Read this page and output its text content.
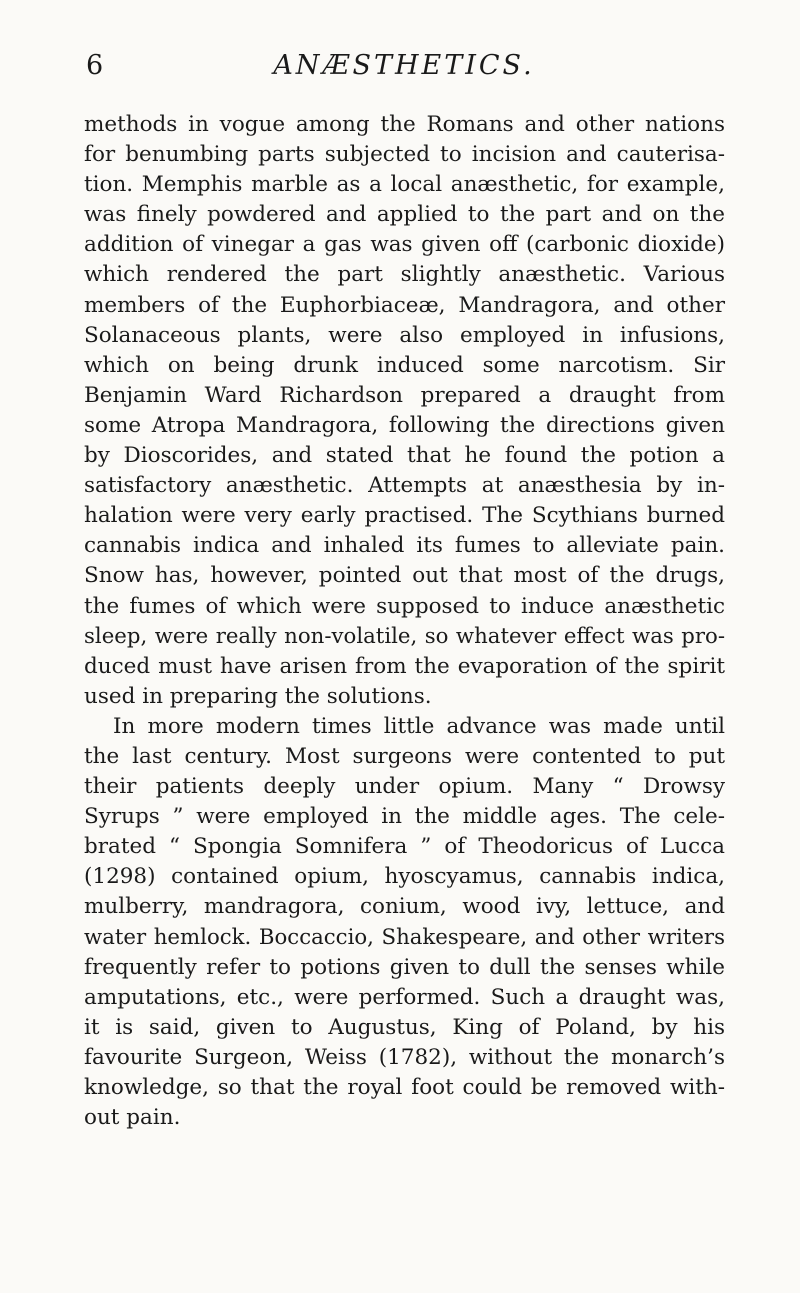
6	ANÆSTHETICS.
methods in vogue among the Romans and other nations
for benumbing parts subjected to incision and cauterisa-
tion. Memphis marble as a local anæsthetic, for example,
was finely powdered and applied to the part and on the
addition of vinegar a gas was given off (carbonic dioxide)
which rendered the part slightly anæsthetic. Various
members of the Euphorbiaceæ, Mandragora, and other
Solanaceous plants, were also employed in infusions,
which on being drunk induced some narcotism. Sir
Benjamin Ward Richardson prepared a draught from
some Atropa Mandragora, following the directions given
by Dioscorides, and stated that he found the potion a
satisfactory anæsthetic. Attempts at anæsthesia by in-
halation were very early practised. The Scythians burned
cannabis indica and inhaled its fumes to alleviate pain.
Snow has, however, pointed out that most of the drugs,
the fumes of which were supposed to induce anæsthetic
sleep, were really non-volatile, so whatever effect was pro-
duced must have arisen from the evaporation of the spirit
used in preparing the solutions.
In more modern times little advance was made until
the last century. Most surgeons were contented to put
their patients deeply under opium. Many “ Drowsy
Syrups ” were employed in the middle ages. The cele-
brated “ Spongia Somnifera ” of Theodoricus of Lucca
(1298) contained opium, hyoscyamus, cannabis indica,
mulberry, mandragora, conium, wood ivy, lettuce, and
water hemlock. Boccaccio, Shakespeare, and other writers
frequently refer to potions given to dull the senses while
amputations, etc., were performed. Such a draught was,
it is said, given to Augustus, King of Poland, by his
favourite Surgeon, Weiss (1782), without the monarch’s
knowledge, so that the royal foot could be removed with-
out pain.
